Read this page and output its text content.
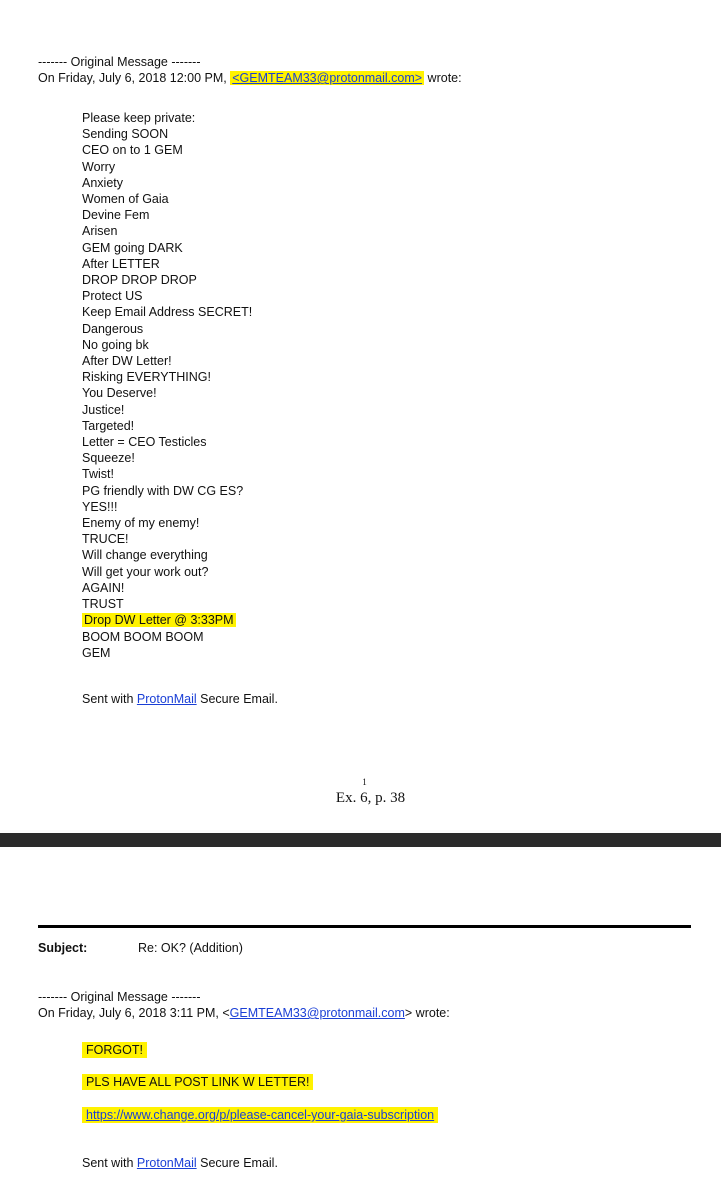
------- Original Message -------
On Friday, July 6, 2018 12:00 PM, <GEMTEAM33@protonmail.com> wrote:
Please keep private:
Sending SOON
CEO on to 1 GEM
Worry
Anxiety
Women of Gaia
Devine Fem
Arisen
GEM going DARK
After LETTER
DROP DROP DROP
Protect US
Keep Email Address SECRET!
Dangerous
No going bk
After DW Letter!
Risking EVERYTHING!
You Deserve!
Justice!
Targeted!
Letter = CEO Testicles
Squeeze!
Twist!
PG friendly with DW CG ES?
YES!!!
Enemy of my enemy!
TRUCE!
Will change everything
Will get your work out?
AGAIN!
TRUST
Drop DW Letter @ 3:33PM
BOOM BOOM BOOM
GEM
Sent with ProtonMail Secure Email.
1
Ex. 6, p. 38
Subject:	Re: OK? (Addition)
------- Original Message -------
On Friday, July 6, 2018 3:11 PM, <GEMTEAM33@protonmail.com> wrote:
FORGOT!
PLS HAVE ALL POST LINK W LETTER!
https://www.change.org/p/please-cancel-your-gaia-subscription
Sent with ProtonMail Secure Email.
